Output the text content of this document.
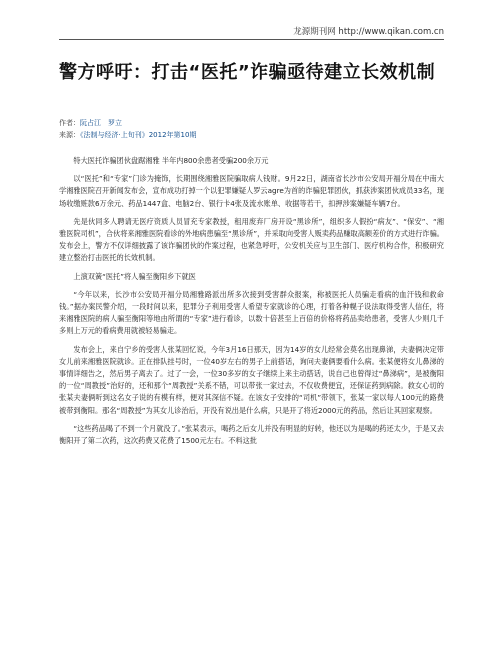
龙源期刊网 http://www.qikan.com.cn
警方呼吁：打击“医托”诈骗亟待建立长效机制
作者：阮占江　罗立
来源：《法制与经济·上旬刊》2012年第10期

特大医托诈骗团伙盘踞湘雅 半年内800余患者受骗200余万元

以“医托”和“专家”门诊为掩饰，长期围绕湘雅医院骗取病人钱财。9月22日，湖南省长沙市公安局开福分局在中南大学湘雅医院召开新闻发布会，宣布成功打掉一个以犯罪嫌疑人罗云agre为首的诈骗犯罪团伙，抓获涉案团伙成员33名，现场收缴赃款6万余元、药品1447盒、电脑2台、银行卡4张及流水账单、收据等若干，扣押涉案嫌疑车辆7台。

先是伙同多人聘请无医疗资质人员冒充专家教授，租用废弃厂房开设“黑诊所”，组织多人假扮“病友”、“保安”、“湘雅医院司机”，合伙将来湘雅医院看诊的外地病患骗至“黑诊所”，并采取向受害人贩卖药品赚取高额差价的方式进行诈骗。发布会上，警方不仅详细披露了该诈骗团伙的作案过程，也紧急呼吁，公安机关应与卫生部门、医疗机构合作，积极研究建立整治打击医托的长效机制。

上演双簧“医托”将人骗至衡阳乡下就医

“今年以来，长沙市公安局开福分局湘雅路派出所多次接到受害群众报案，称被医托人员骗走看病的血汗钱和救命钱。”据办案民警介绍，一段时间以来，犯罪分子利用受害人希望专家就诊的心理，打着各种幌子设法取得受害人信任，将来湘雅医院的病人骗至衡阳等地由所谓的“专家”进行看诊，以数十倍甚至上百倍的价格将药品卖给患者，受害人少则几千多则上万元的看病费用就被轻易骗走。

发布会上，来自宁乡的受害人张某回忆说，今年3月16日那天，因为14岁的女儿经常会莫名出现鼻涕，夫妻俩决定带女儿前来湘雅医院就诊。正在排队挂号时，一位40岁左右的男子上前搭话，询问夫妻俩要看什么病。张某便将女儿鼻涕的事情详细告之，然后男子离去了。过了一会，一位30多岁的女子继续上来主动搭话，说自己也曾得过“鼻涕病”，是被衡阳的一位“周教授”治好的，还和那个“周教授”关系不错，可以带张一家过去，不仅收费便宜，还保证药到病除。救女心切的张某夫妻俩听到这名女子说的有模有样，便对其深信不疑。在该女子安排的“司机”带领下，张某一家以每人100元的路费被带到衡阳。那名“周教授”为其女儿诊治后，开没有说出是什么病，只是开了将近2000元的药品，然后让其回家观察。

“这些药品喝了不到一个月就没了。”张某表示，喝药之后女儿并没有明显的好转，他还以为是喝的药还太少，于是又去衡阳开了第二次药，这次药费又花费了1500元左右。不料这批
